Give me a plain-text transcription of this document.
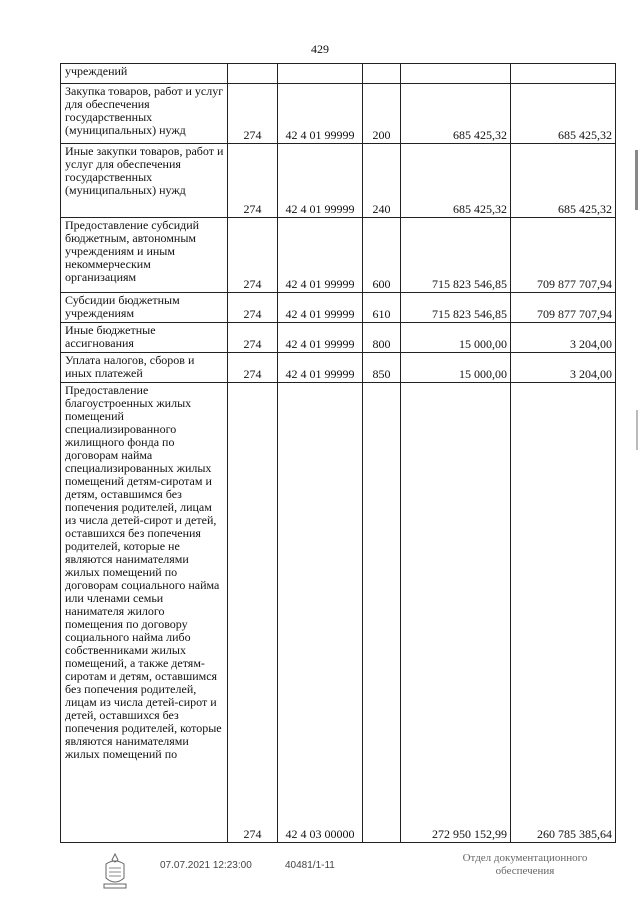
429
учреждений					
Закупка товаров, работ и услуг для обеспечения государственных (муниципальных) нужд	274	42 4 01 99999	200	685 425,32	685 425,32
Иные закупки товаров, работ и услуг для обеспечения государственных (муниципальных) нужд	274	42 4 01 99999	240	685 425,32	685 425,32
Предоставление субсидий бюджетным, автономным учреждениям и иным некоммерческим организациям	274	42 4 01 99999	600	715 823 546,85	709 877 707,94
Субсидии бюджетным учреждениям	274	42 4 01 99999	610	715 823 546,85	709 877 707,94
Иные бюджетные ассигнования	274	42 4 01 99999	800	15 000,00	3 204,00
Уплата налогов, сборов и иных платежей	274	42 4 01 99999	850	15 000,00	3 204,00
Предоставление благоустроенных жилых помещений специализированного жилищного фонда по договорам найма специализированных жилых помещений детям-сиротам и детям, оставшимся без попечения родителей, лицам из числа детей-сирот и детей, оставшихся без попечения родителей, которые не являются нанимателями жилых помещений по договорам социального найма или членами семьи нанимателя жилого помещения по договору социального найма либо собственниками жилых помещений, а также детям-сиротам и детям, оставшимся без попечения родителей, лицам из числа детей-сирот и детей, оставшихся без попечения родителей, которые являются нанимателями жилых помещений по	274	42 4 03 00000		272 950 152,99	260 785 385,64
07.07.2021 12:23:00	40481/1-11
Отдел документационного обеспечения
